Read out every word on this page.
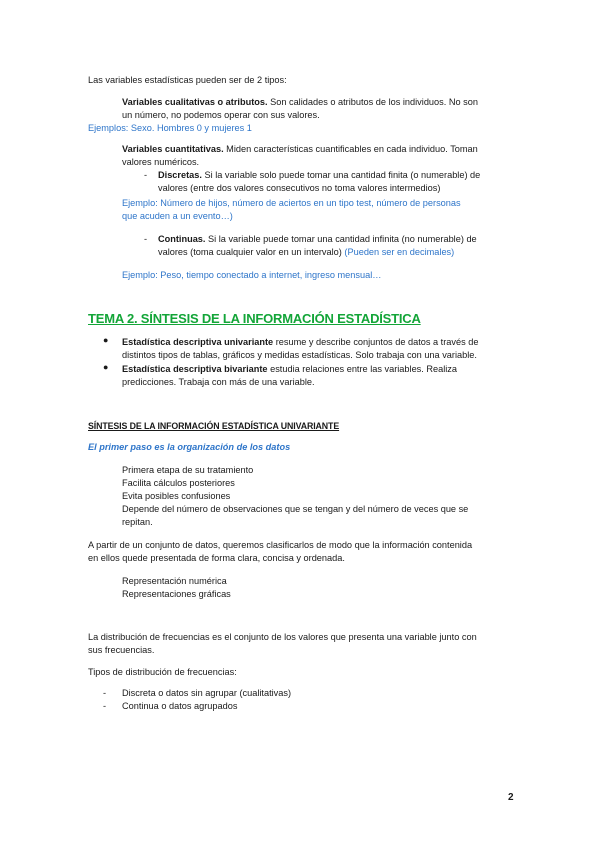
Las variables estadísticas pueden ser de 2 tipos:

Variables cualitativas o atributos. Son calidades o atributos de los individuos. No son

un número, no podemos operar con sus valores.

Ejemplos: Sexo. Hombres 0 y mujeres 1

Variables cuantitativas. Miden características cuantificables en cada individuo. Toman

valores numéricos.

- Discretas. Si la variable solo puede tomar una cantidad finita (o numerable) de

valores (entre dos valores consecutivos no toma valores intermedios)

Ejemplo: Número de hijos, número de aciertos en un tipo test, número de personas

que acuden a un evento…)

- Continuas. Si la variable puede tomar una cantidad infinita (no numerable) de

valores (toma cualquier valor en un intervalo) (Pueden ser en decimales)

Ejemplo: Peso, tiempo conectado a internet, ingreso mensual…

TEMA 2. SÍNTESIS DE LA INFORMACIÓN ESTADÍSTICA

● Estadística descriptiva univariante resume y describe conjuntos de datos a través de

distintos tipos de tablas, gráficos y medidas estadísticas. Solo trabaja con una variable.

● Estadística descriptiva bivariante estudia relaciones entre las variables. Realiza

predicciones. Trabaja con más de una variable.

SÍNTESIS DE LA INFORMACIÓN ESTADÍSTICA UNIVARIANTE

El primer paso es la organización de los datos

Primera etapa de su tratamiento

Facilita cálculos posteriores

Evita posibles confusiones

Depende del número de observaciones que se tengan y del número de veces que se

repitan.

A partir de un conjunto de datos, queremos clasificarlos de modo que la información contenida

en ellos quede presentada de forma clara, concisa y ordenada.

Representación numérica

Representaciones gráficas

La distribución de frecuencias es el conjunto de los valores que presenta una variable junto con

sus frecuencias.

Tipos de distribución de frecuencias:

- Discreta o datos sin agrupar (cualitativas)

- Continua o datos agrupados

2
